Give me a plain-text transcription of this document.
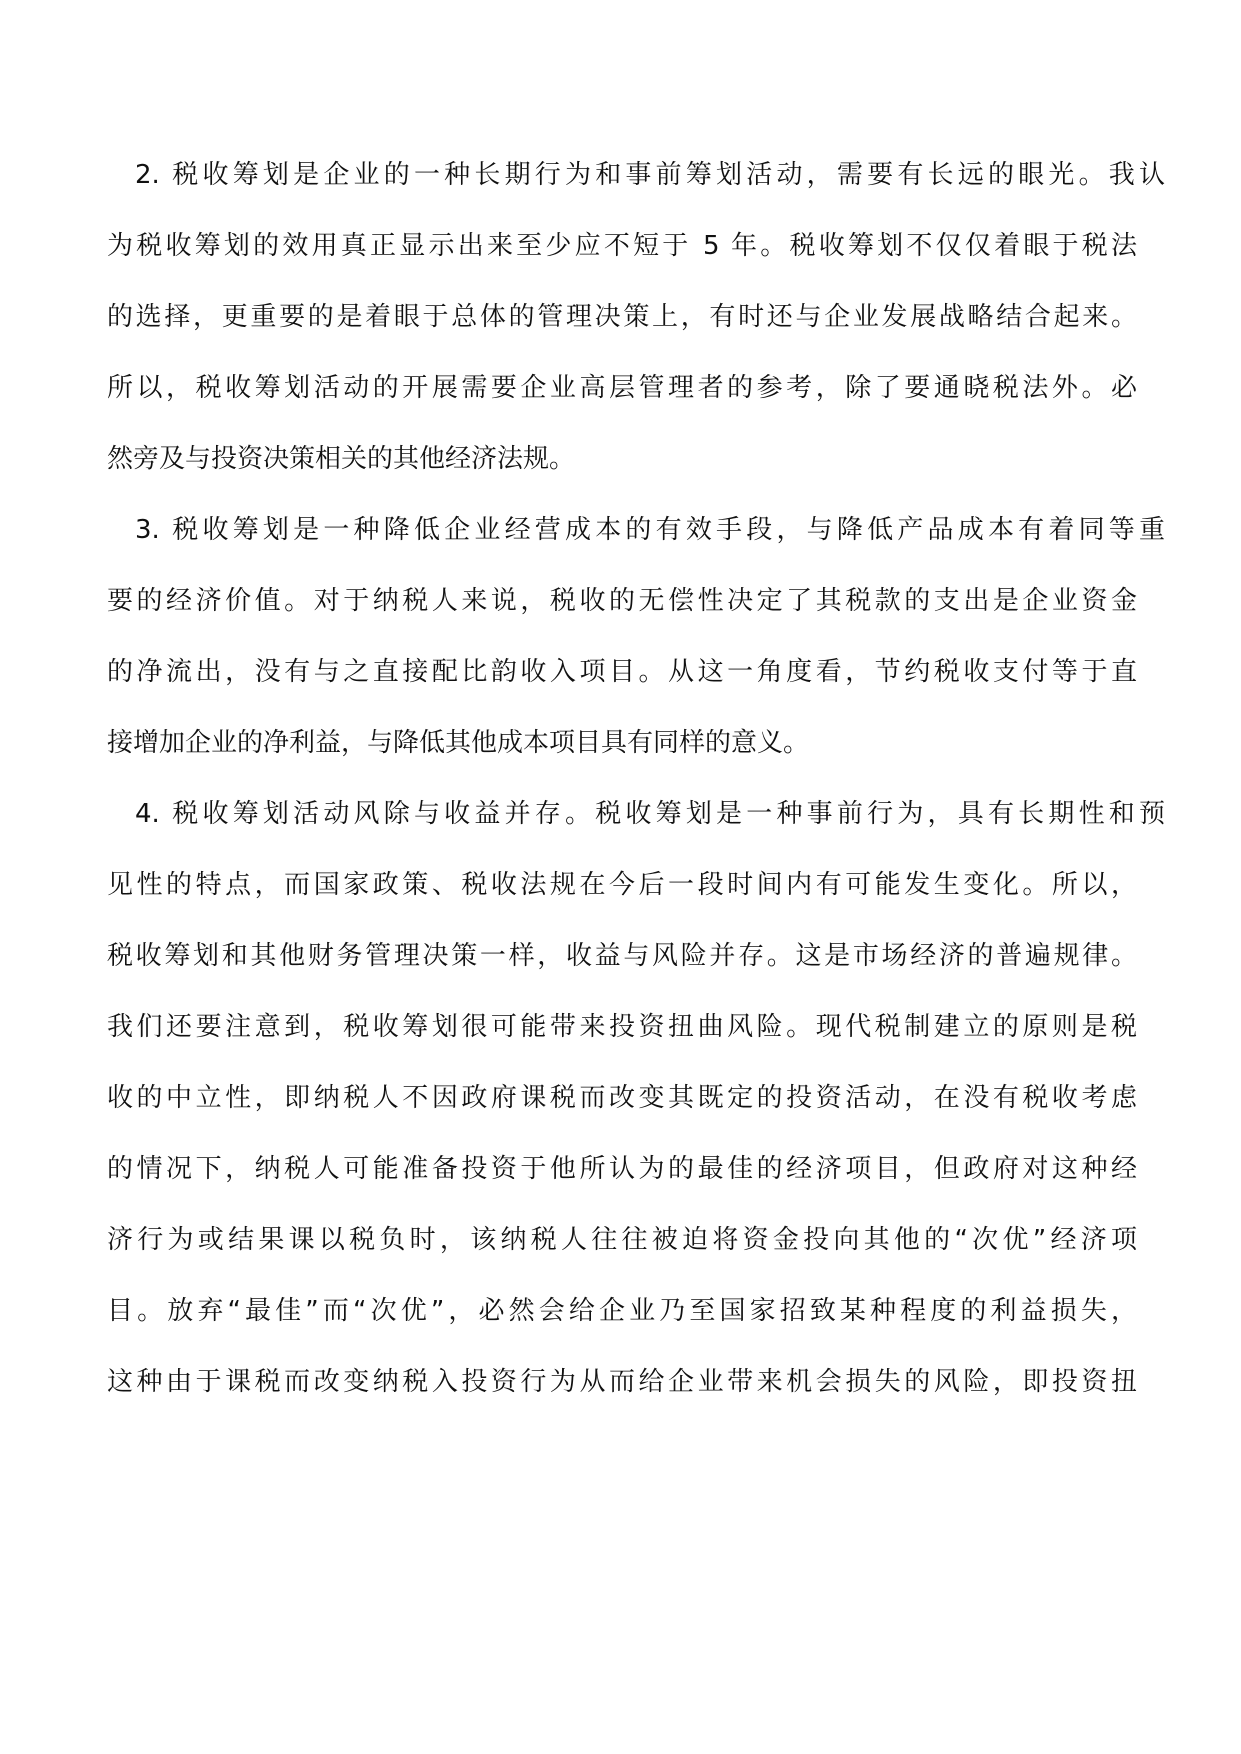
2. 税收筹划是企业的一种长期行为和事前筹划活动，需要有长远的眼光。我认
为税收筹划的效用真正显示出来至少应不短于 5 年。税收筹划不仅仅着眼于税法
的选择，更重要的是着眼于总体的管理决策上，有时还与企业发展战略结合起来。
所以，税收筹划活动的开展需要企业高层管理者的参考，除了要通晓税法外。必
然旁及与投资决策相关的其他经济法规。
3. 税收筹划是一种降低企业经营成本的有效手段，与降低产品成本有着同等重
要的经济价值。对于纳税人来说，税收的无偿性决定了其税款的支出是企业资金
的净流出，没有与之直接配比韵收入项目。从这一角度看，节约税收支付等于直
接增加企业的净利益，与降低其他成本项目具有同样的意义。
4. 税收筹划活动风除与收益并存。税收筹划是一种事前行为，具有长期性和预
见性的特点，而国家政策、税收法规在今后一段时间内有可能发生变化。所以，
税收筹划和其他财务管理决策一样，收益与风险并存。这是市场经济的普遍规律。
我们还要注意到，税收筹划很可能带来投资扭曲风险。现代税制建立的原则是税
收的中立性，即纳税人不因政府课税而改变其既定的投资活动，在没有税收考虑
的情况下，纳税人可能准备投资于他所认为的最佳的经济项目，但政府对这种经
济行为或结果课以税负时，该纳税人往往被迫将资金投向其他的“次优”经济项
目。放弃“最佳”而“次优”，必然会给企业乃至国家招致某种程度的利益损失，
这种由于课税而改变纳税入投资行为从而给企业带来机会损失的风险，即投资扭
